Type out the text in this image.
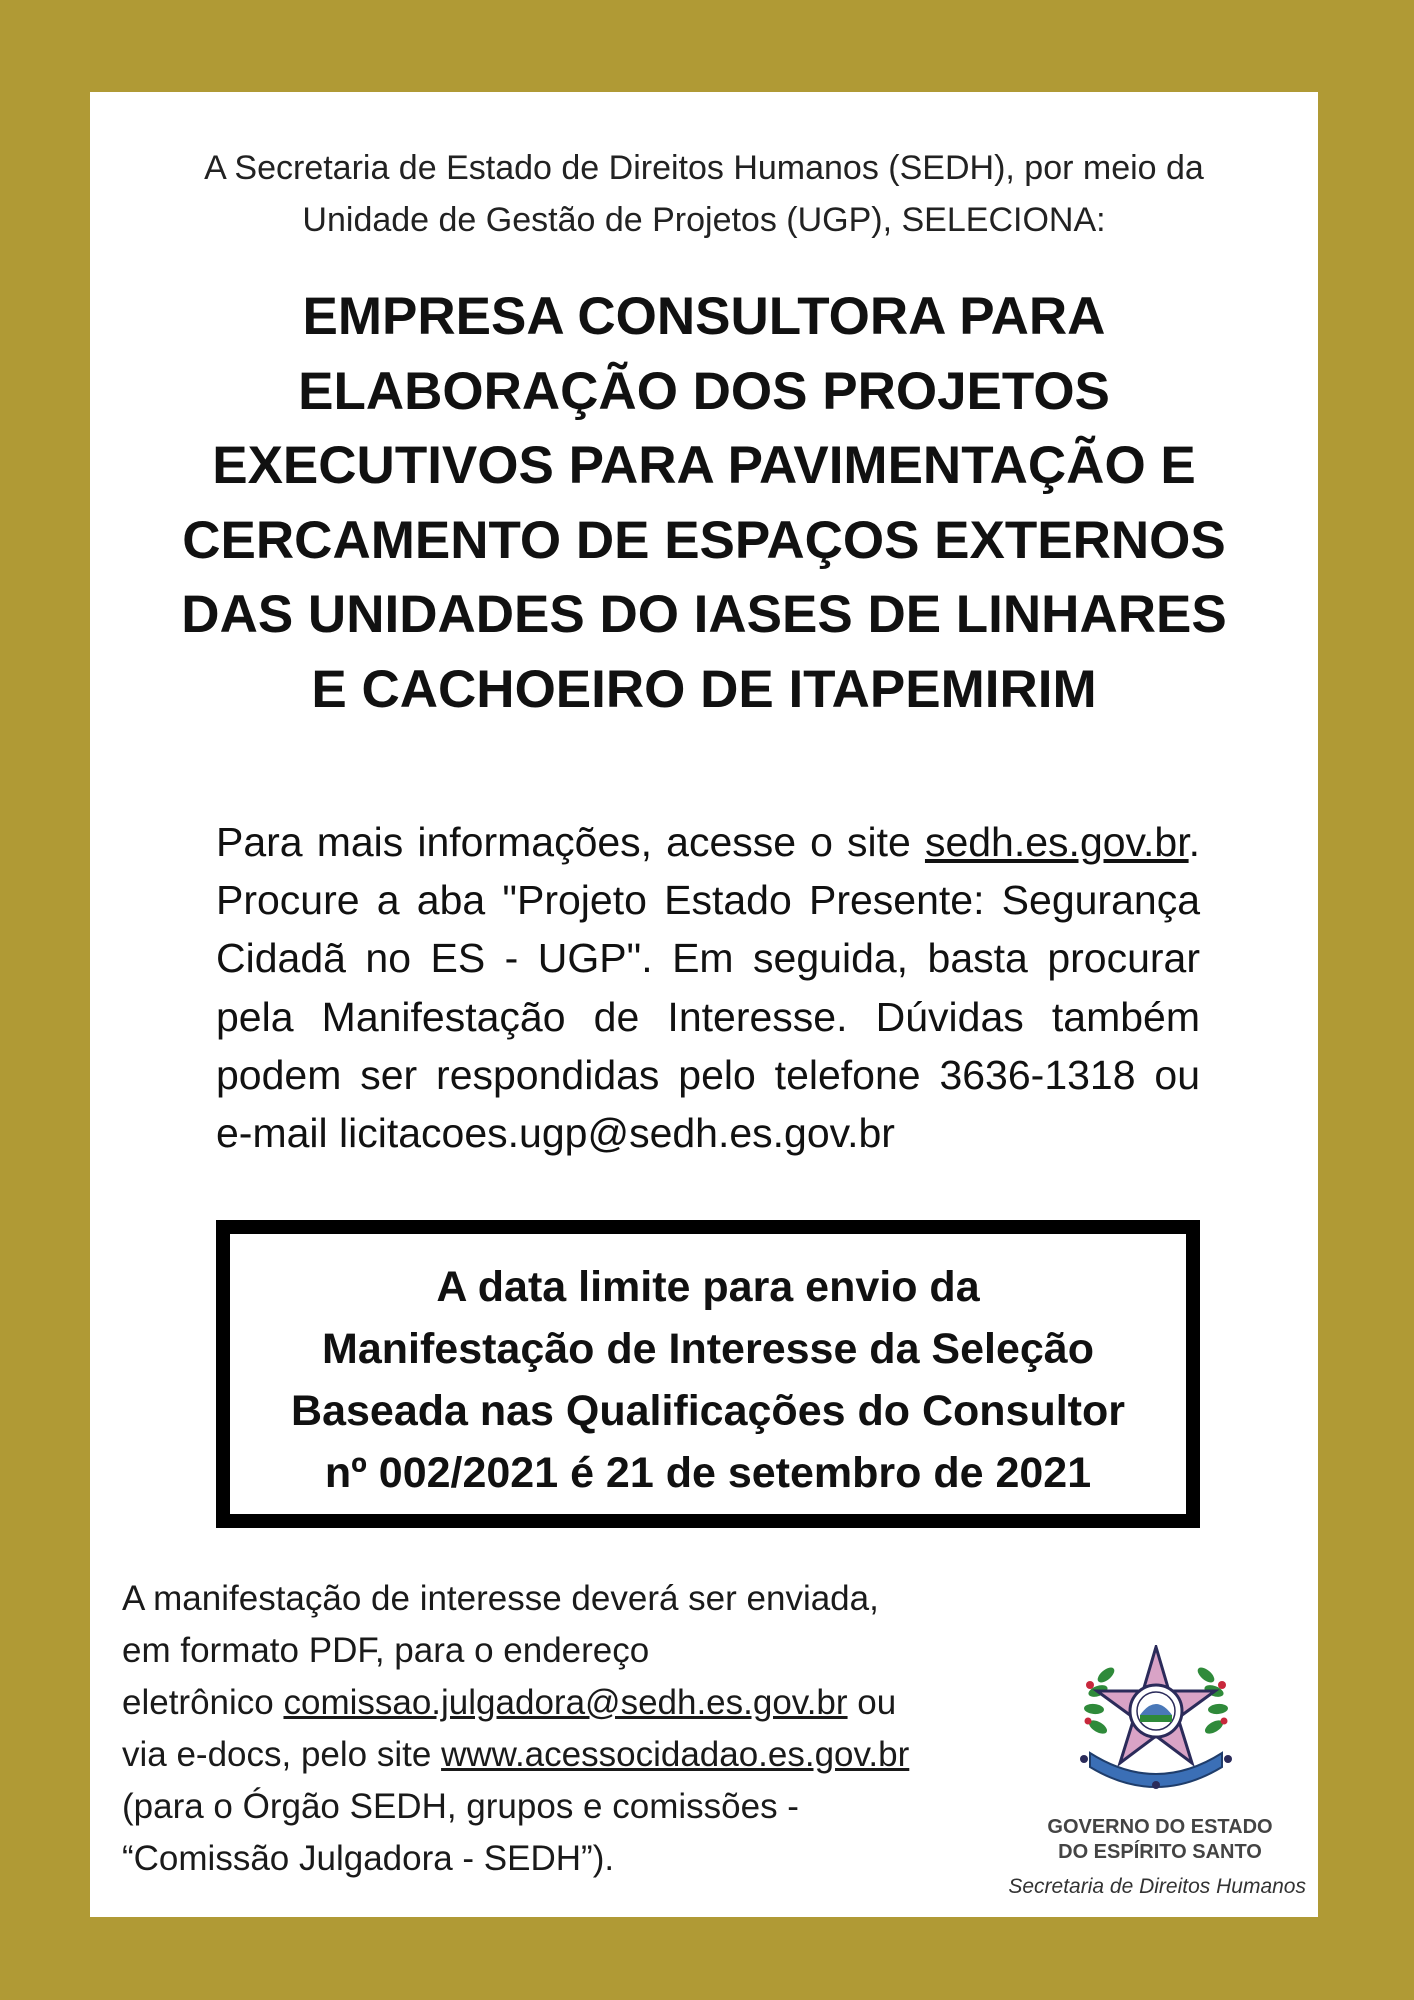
A Secretaria de Estado de Direitos Humanos (SEDH), por meio da
Unidade de Gestão de Projetos (UGP), SELECIONA:
EMPRESA CONSULTORA PARA
ELABORAÇÃO DOS PROJETOS
EXECUTIVOS PARA PAVIMENTAÇÃO E
CERCAMENTO DE ESPAÇOS EXTERNOS
DAS UNIDADES DO IASES DE LINHARES
E CACHOEIRO DE ITAPEMIRIM

Para mais informações, acesse o site sedh.es.gov.br. Procure a aba "Projeto Estado Presente: Segurança Cidadã no ES - UGP". Em seguida, basta procurar pela Manifestação de Interesse. Dúvidas também podem ser respondidas pelo telefone 3636-1318 ou e-mail licitacoes.ugp@sedh.es.gov.br

A data limite para envio da
Manifestação de Interesse da Seleção
Baseada nas Qualificações do Consultor
nº 002/2021 é 21 de setembro de 2021
A manifestação de interesse deverá ser enviada,
em formato PDF, para o endereço
eletrônico comissao.julgadora@sedh.es.gov.br ou
via e-docs, pelo site www.acessocidadao.es.gov.br
(para o Órgão SEDH, grupos e comissões -
“Comissão Julgadora - SEDH”).
GOVERNO DO ESTADO
DO ESPÍRITO SANTO
Secretaria de Direitos Humanos
